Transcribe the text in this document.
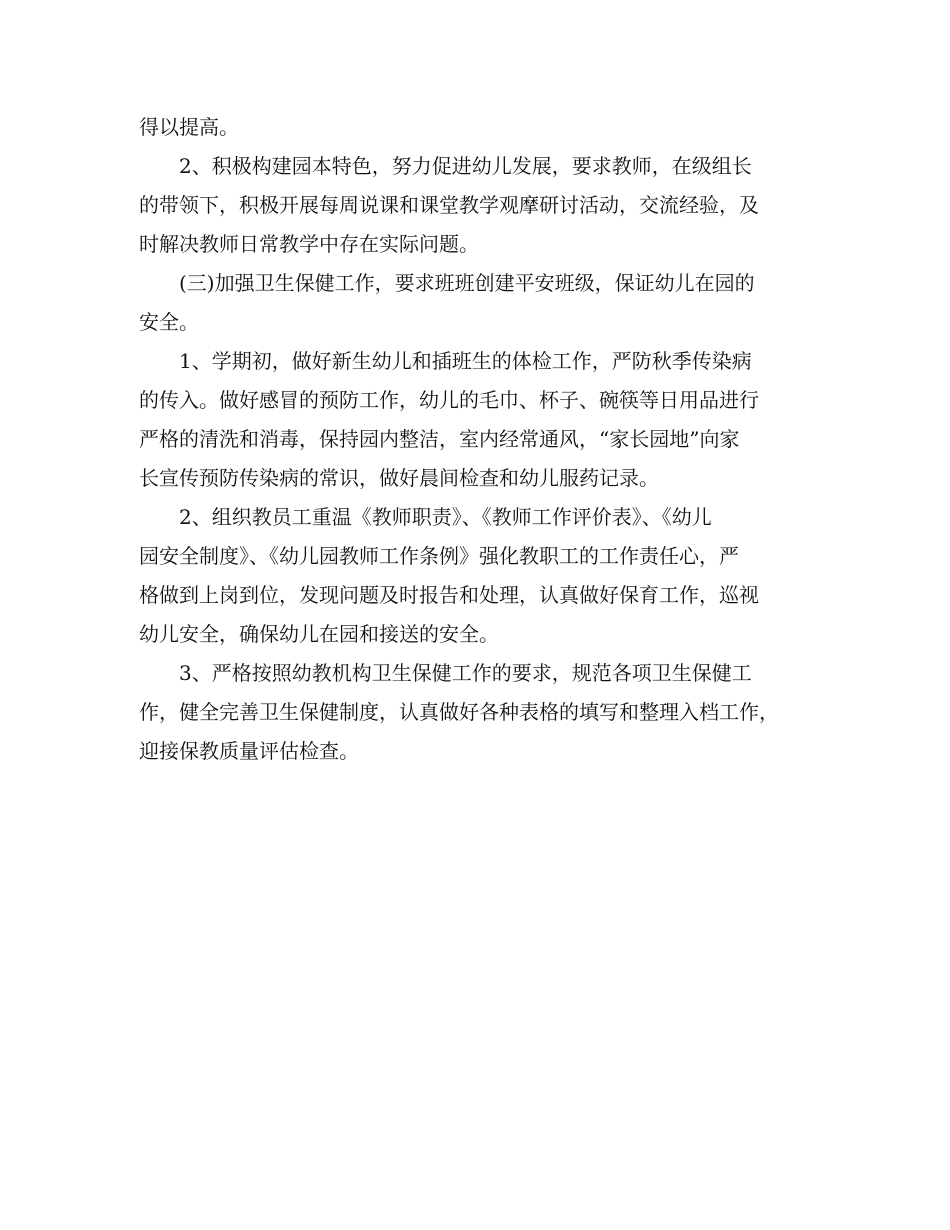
得以提高。

　　2、积极构建园本特色，努力促进幼儿发展，要求教师，在级组长
的带领下，积极开展每周说课和课堂教学观摩研讨活动，交流经验，及
时解决教师日常教学中存在实际问题。

　　(三)加强卫生保健工作，要求班班创建平安班级，保证幼儿在园的
安全。

　　1、学期初，做好新生幼儿和插班生的体检工作，严防秋季传染病
的传入。做好感冒的预防工作，幼儿的毛巾、杯子、碗筷等日用品进行
严格的清洗和消毒，保持园内整洁，室内经常通风，“家长园地”向家
长宣传预防传染病的常识，做好晨间检查和幼儿服药记录。

　　2、组织教员工重温《教师职责》、《教师工作评价表》、《幼儿
园安全制度》、《幼儿园教师工作条例》强化教职工的工作责任心，严
格做到上岗到位，发现问题及时报告和处理，认真做好保育工作，巡视
幼儿安全，确保幼儿在园和接送的安全。

　　3、严格按照幼教机构卫生保健工作的要求，规范各项卫生保健工
作，健全完善卫生保健制度，认真做好各种表格的填写和整理入档工作，
迎接保教质量评估检查。
